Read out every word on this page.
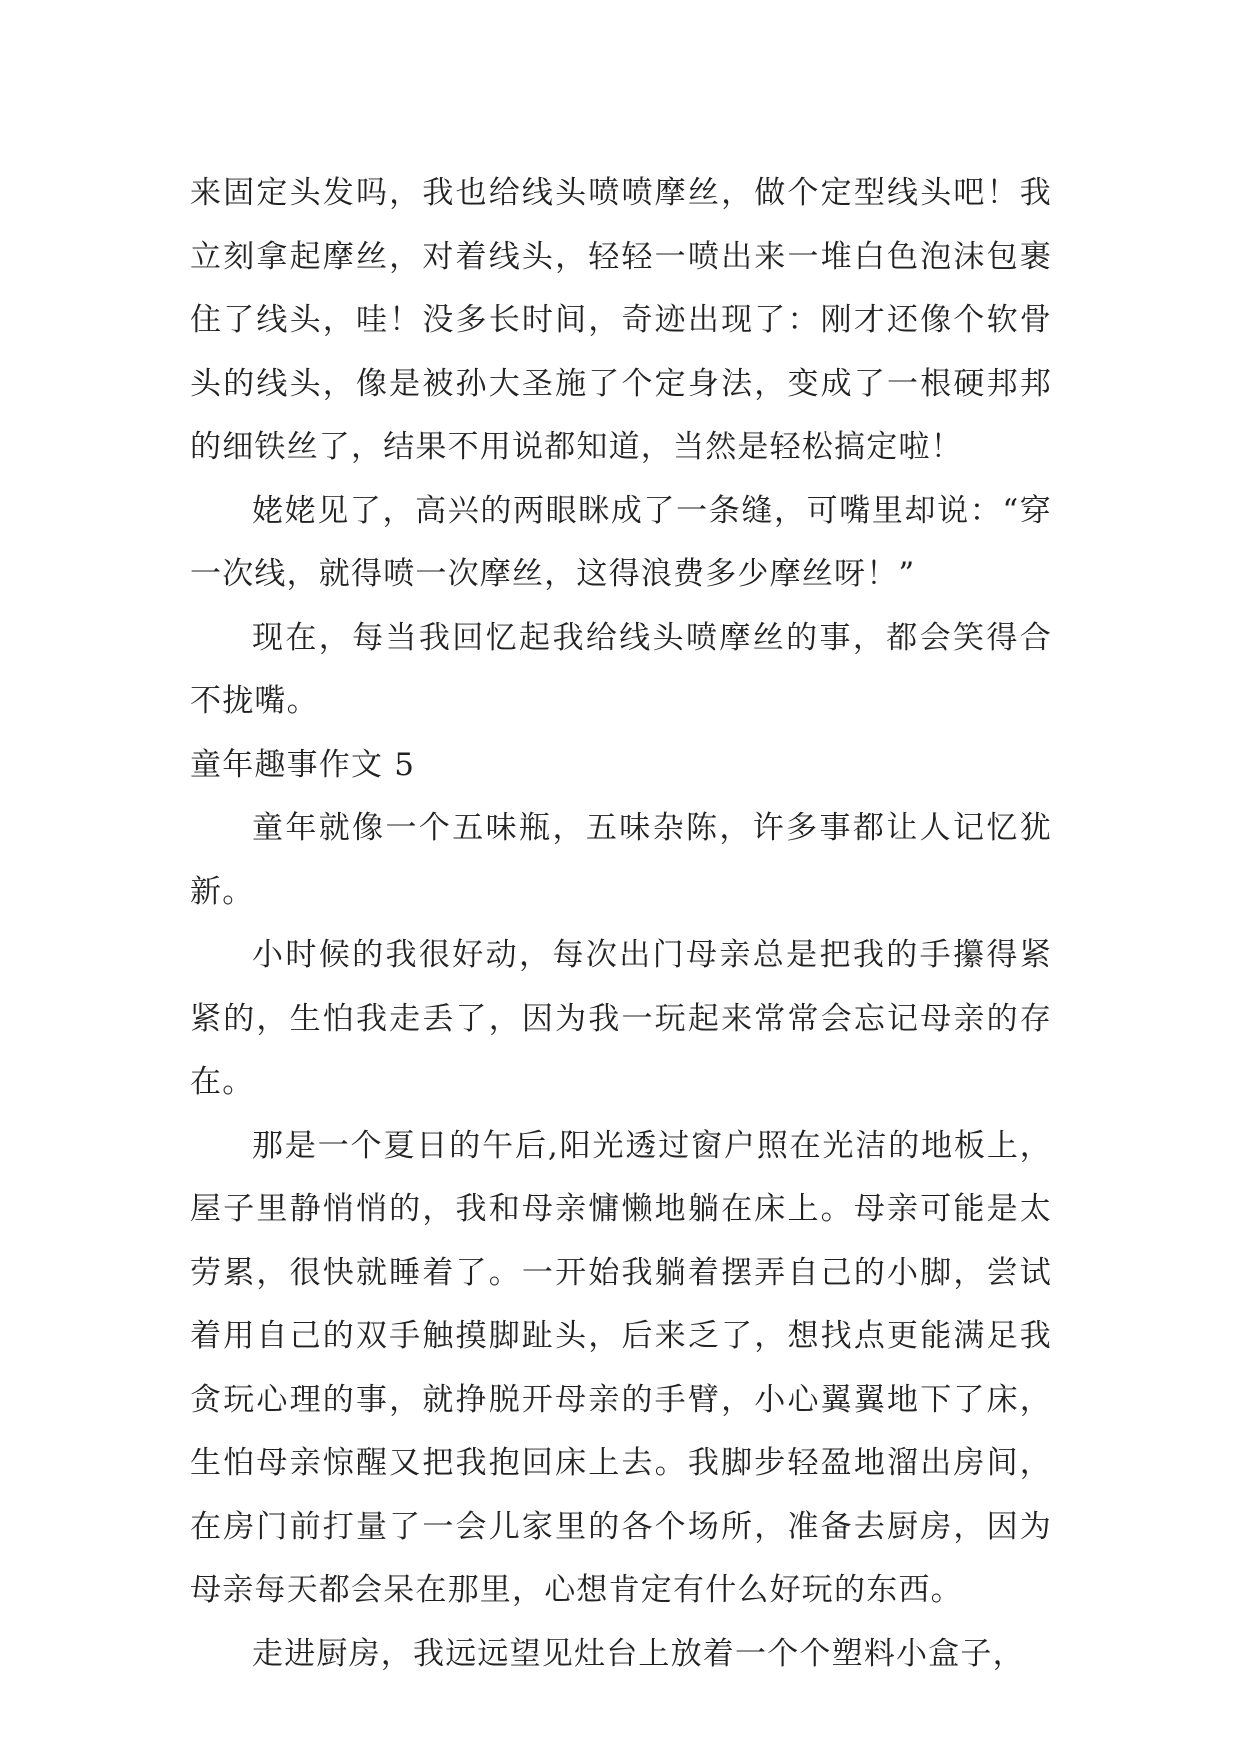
来固定头发吗，我也给线头喷喷摩丝，做个定型线头吧！我立刻拿起摩丝，对着线头，轻轻一喷出来一堆白色泡沫包裹住了线头，哇！没多长时间，奇迹出现了：刚才还像个软骨头的线头，像是被孙大圣施了个定身法，变成了一根硬邦邦的细铁丝了，结果不用说都知道，当然是轻松搞定啦！

姥姥见了，高兴的两眼眯成了一条缝，可嘴里却说：“穿一次线，就得喷一次摩丝，这得浪费多少摩丝呀！”

现在，每当我回忆起我给线头喷摩丝的事，都会笑得合不拢嘴。

童年趣事作文 5

童年就像一个五味瓶，五味杂陈，许多事都让人记忆犹新。

小时候的我很好动，每次出门母亲总是把我的手攥得紧紧的，生怕我走丢了，因为我一玩起来常常会忘记母亲的存在。

那是一个夏日的午后,阳光透过窗户照在光洁的地板上，屋子里静悄悄的，我和母亲慵懒地躺在床上。母亲可能是太劳累，很快就睡着了。一开始我躺着摆弄自己的小脚，尝试着用自己的双手触摸脚趾头，后来乏了，想找点更能满足我贪玩心理的事，就挣脱开母亲的手臂，小心翼翼地下了床，生怕母亲惊醒又把我抱回床上去。我脚步轻盈地溜出房间，在房门前打量了一会儿家里的各个场所，准备去厨房，因为母亲每天都会呆在那里，心想肯定有什么好玩的东西。

走进厨房，我远远望见灶台上放着一个个塑料小盒子，
